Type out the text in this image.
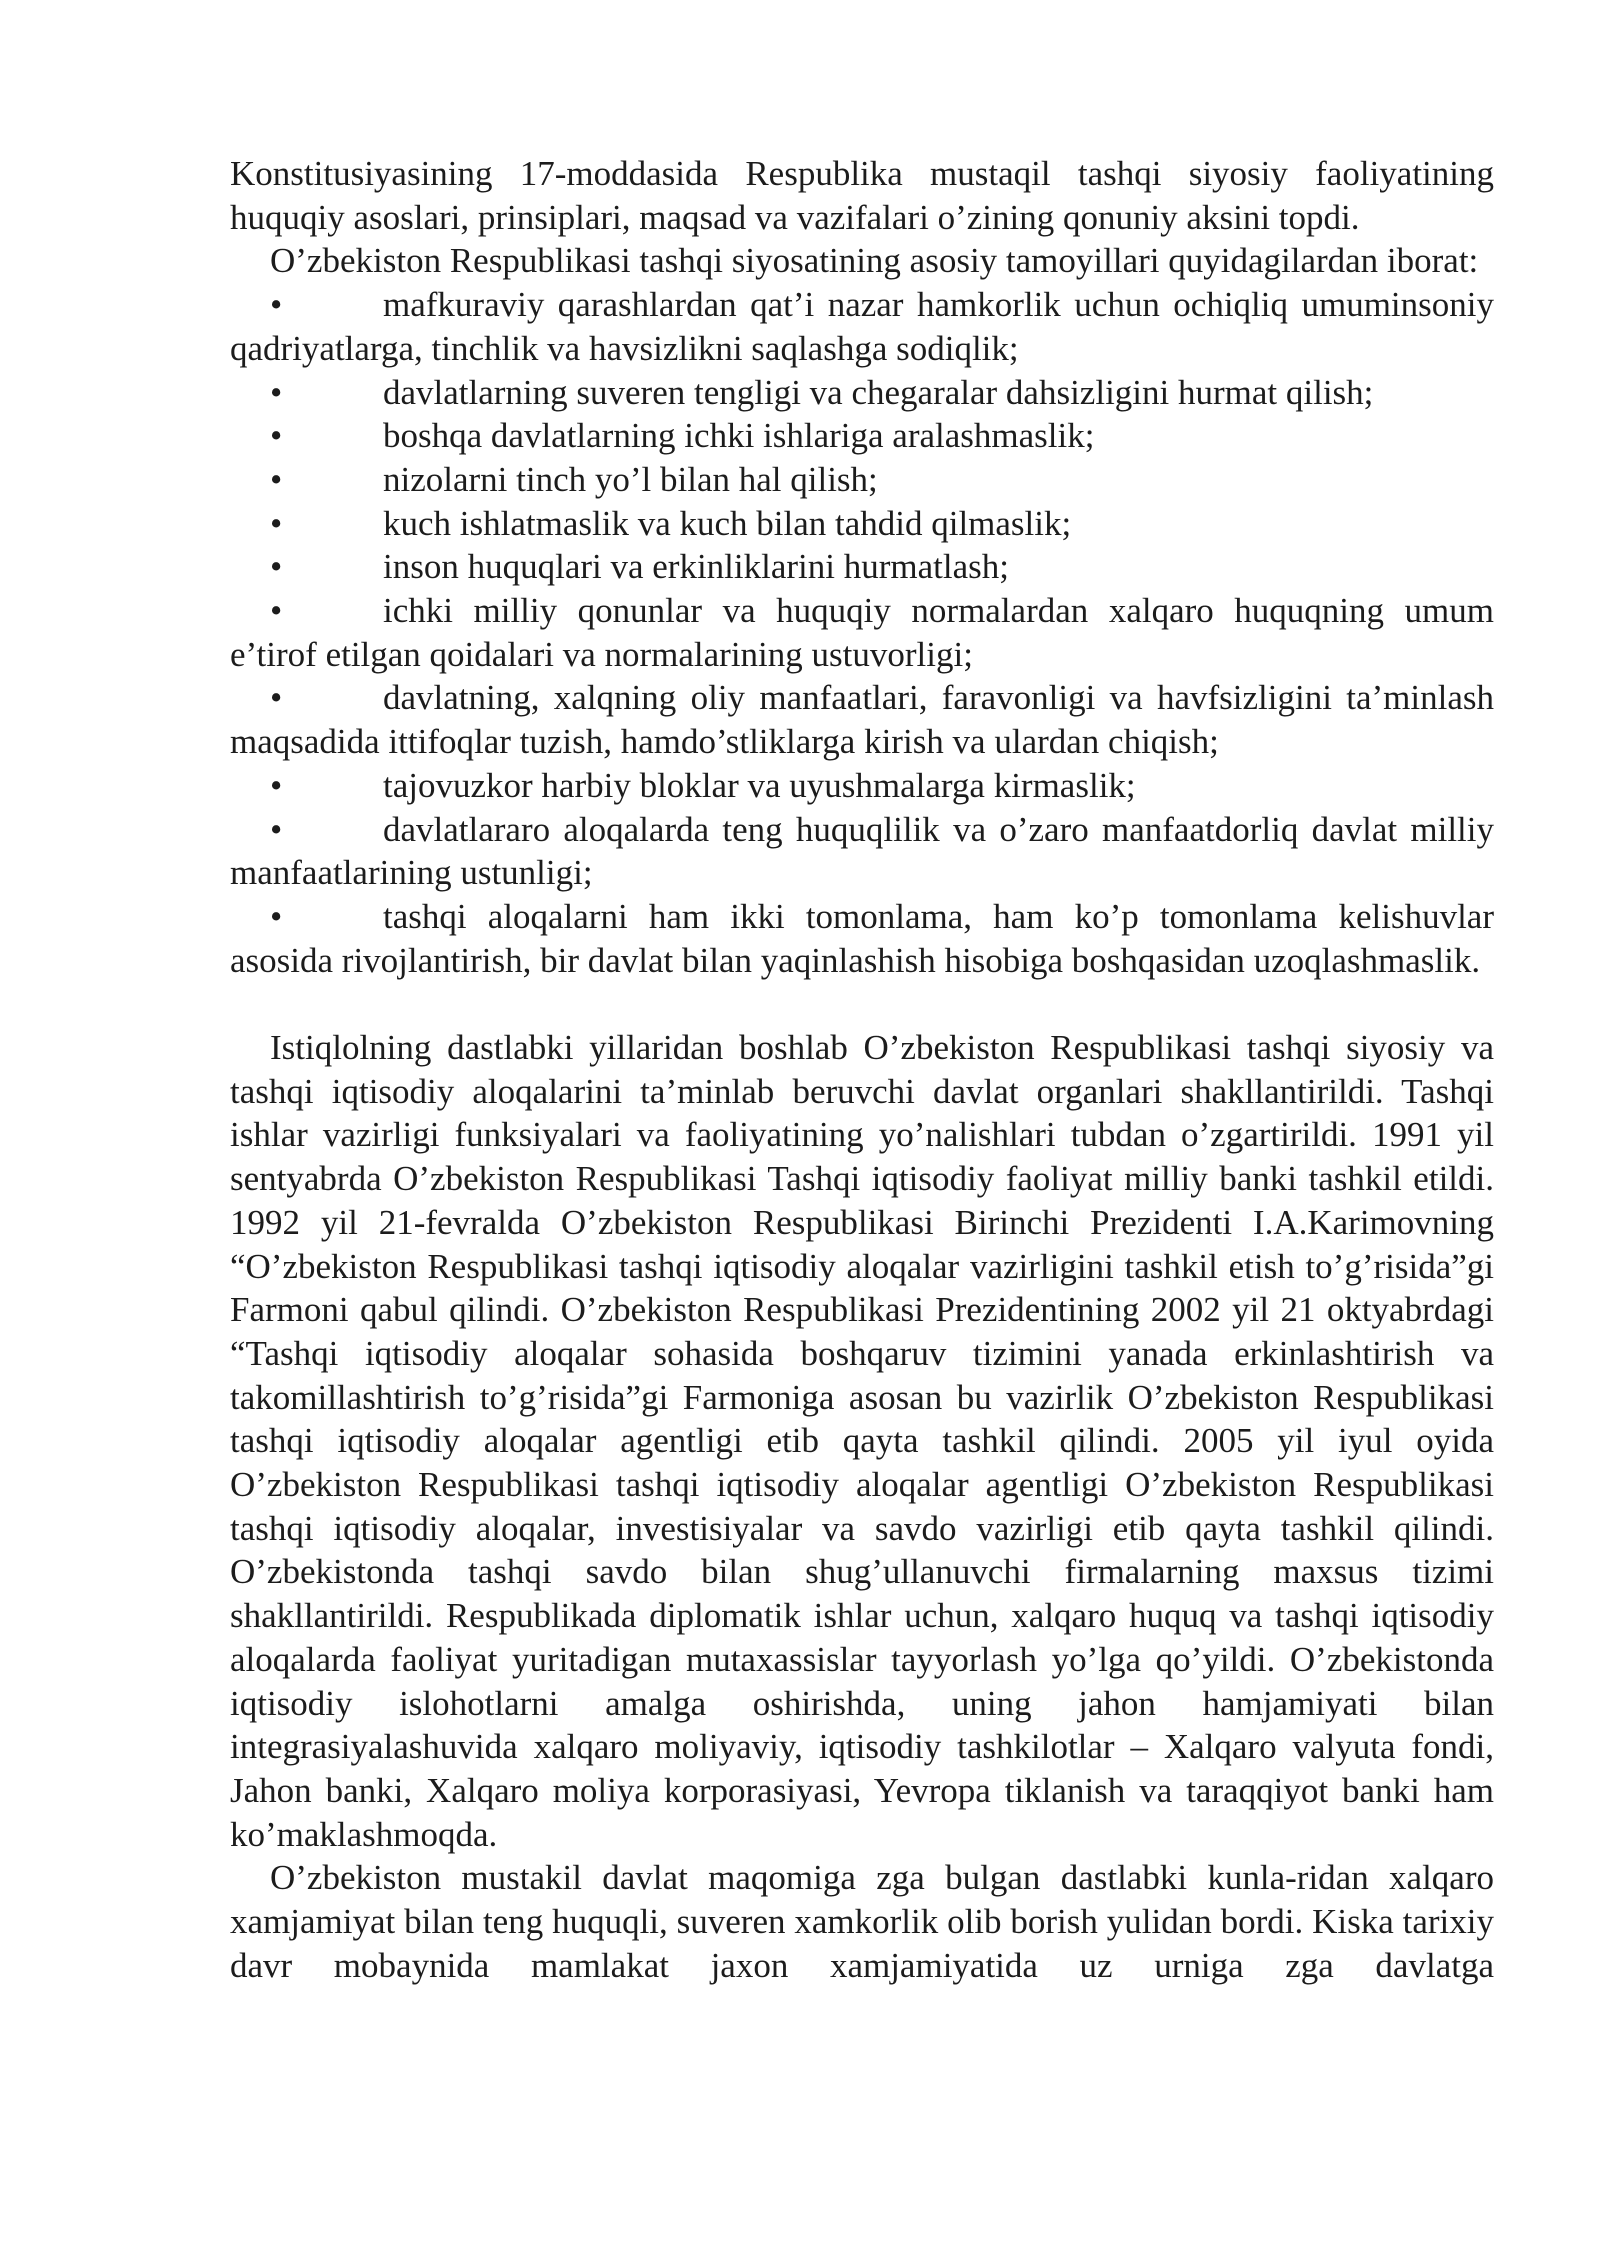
Konstitusiyasining 17-moddasida Respublika mustaqil tashqi siyosiy faoliyatining huquqiy asoslari, prinsiplari, maqsad va vazifalari o’zining qonuniy aksini topdi.

O’zbekiston Respublikasi tashqi siyosatining asosiy tamoyillari quyidagilardan iborat:

•	mafkuraviy qarashlardan qat’i nazar hamkorlik uchun ochiqliq umuminsoniy qadriyatlarga, tinchlik va havsizlikni saqlashga sodiqlik;

•	davlatlarning suveren tengligi va chegaralar dahsizligini hurmat qilish;

•	boshqa davlatlarning ichki ishlariga aralashmaslik;

•	nizolarni tinch yo’l bilan hal qilish;

•	kuch ishlatmaslik va kuch bilan tahdid qilmaslik;

•	inson huquqlari va erkinliklarini hurmatlash;

•	ichki milliy qonunlar va huquqiy normalardan xalqaro huquqning umum e’tirof etilgan qoidalari va normalarining ustuvorligi;

•	davlatning, xalqning oliy manfaatlari, faravonligi va havfsizligini ta’minlash maqsadida ittifoqlar tuzish, hamdo’stliklarga kirish va ulardan chiqish;

•	tajovuzkor harbiy bloklar va uyushmalarga kirmaslik;

•	davlatlararo aloqalarda teng huquqlilik va o’zaro manfaatdorliq davlat milliy manfaatlarining ustunligi;

•	tashqi aloqalarni ham ikki tomonlama, ham ko’p tomonlama kelishuvlar asosida rivojlantirish, bir davlat bilan yaqinlashish hisobiga boshqasidan uzoqlashmaslik.

Istiqlolning dastlabki yillaridan boshlab O’zbekiston Respublikasi tashqi siyosiy va tashqi iqtisodiy aloqalarini ta’minlab beruvchi davlat organlari shakllantirildi. Tashqi ishlar vazirligi funksiyalari va faoliyatining yo’nalishlari tubdan o’zgartirildi. 1991 yil sentyabrda O’zbekiston Respublikasi Tashqi iqtisodiy faoliyat milliy banki tashkil etildi. 1992 yil 21-fevralda O’zbekiston Respublikasi Birinchi Prezidenti I.A.Karimovning “O’zbekiston Respublikasi tashqi iqtisodiy aloqalar vazirligini tashkil etish to’g’risida”gi Farmoni qabul qilindi. O’zbekiston Respublikasi Prezidentining 2002 yil 21 oktyabrdagi “Tashqi iqtisodiy aloqalar sohasida boshqaruv tizimini yanada erkinlashtirish va takomillashtirish to’g’risida”gi Farmoniga asosan bu vazirlik O’zbekiston Respublikasi tashqi iqtisodiy aloqalar agentligi etib qayta tashkil qilindi. 2005 yil iyul oyida O’zbekiston Respublikasi tashqi iqtisodiy aloqalar agentligi O’zbekiston Respublikasi tashqi iqtisodiy aloqalar, investisiyalar va savdo vazirligi etib qayta tashkil qilindi. O’zbekistonda tashqi savdo bilan shug’ullanuvchi firmalarning maxsus tizimi shakllantirildi. Respublikada diplomatik ishlar uchun, xalqaro huquq va tashqi iqtisodiy aloqalarda faoliyat yuritadigan mutaxassislar tayyorlash yo’lga qo’yildi. O’zbekistonda iqtisodiy islohotlarni amalga oshirishda, uning jahon hamjamiyati bilan integrasiyalashuvida xalqaro moliyaviy, iqtisodiy tashkilotlar – Xalqaro valyuta fondi, Jahon banki, Xalqaro moliya korporasiyasi, Yevropa tiklanish va taraqqiyot banki ham ko’maklashmoqda.

O’zbekiston mustakil davlat maqomiga zga bulgan dastlabki kunla-ridan xalqaro xamjamiyat bilan teng huquqli, suveren xamkorlik olib borish yulidan bordi. Kiska tarixiy davr mobaynida mamlakat jaxon xamjamiyatida uz urniga zga davlatga
